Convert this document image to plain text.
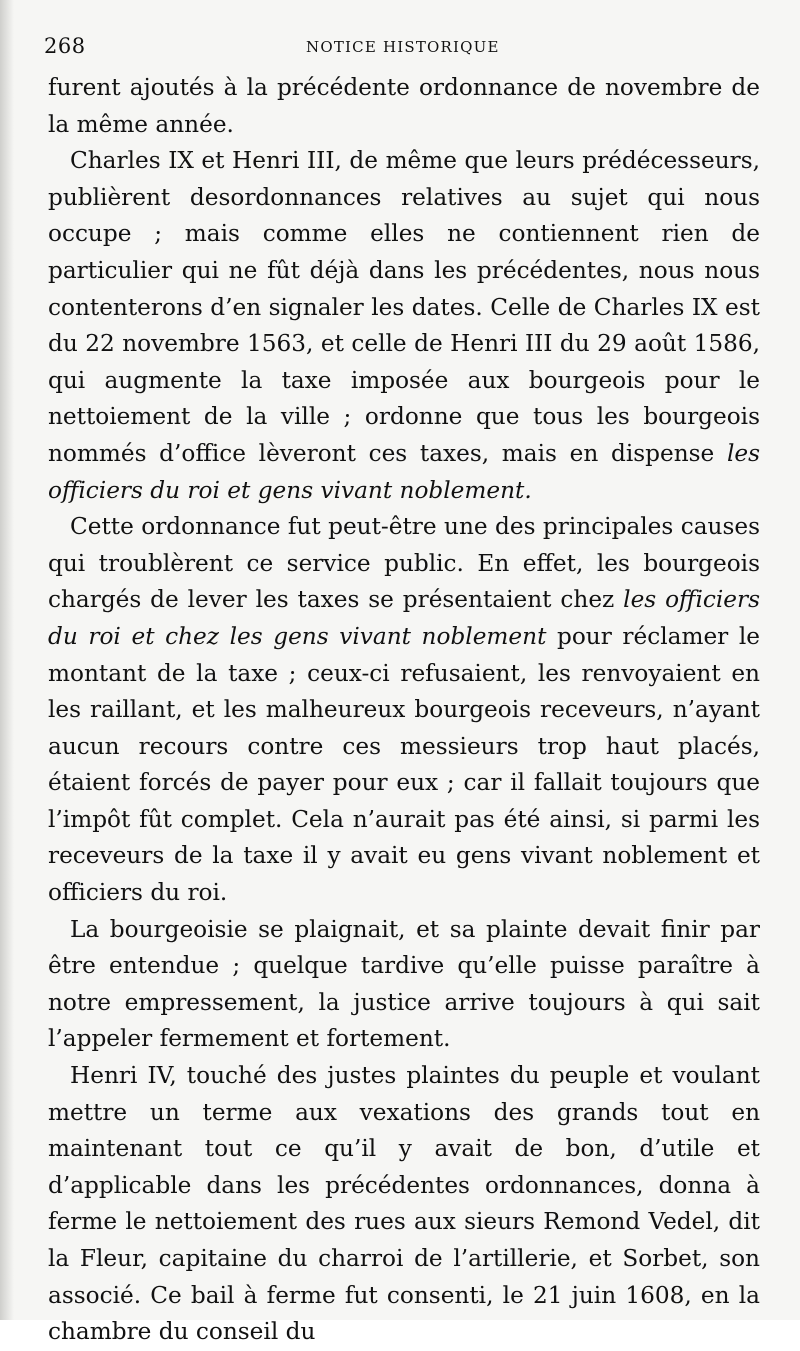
268	NOTICE HISTORIQUE

furent ajoutés à la précédente ordonnance de novembre de la même année.

Charles IX et Henri III, de même que leurs prédécesseurs, publièrent desordonnances relatives au sujet qui nous occupe ; mais comme elles ne contiennent rien de particulier qui ne fût déjà dans les précédentes, nous nous contenterons d’en signaler les dates. Celle de Charles IX est du 22 novembre 1563, et celle de Henri III du 29 août 1586, qui augmente la taxe imposée aux bourgeois pour le nettoiement de la ville ; ordonne que tous les bourgeois nommés d’office lèveront ces taxes, mais en dispense les officiers du roi et gens vivant noblement.

Cette ordonnance fut peut-être une des principales causes qui troublèrent ce service public. En effet, les bourgeois chargés de lever les taxes se présentaient chez les officiers du roi et chez les gens vivant noblement pour réclamer le montant de la taxe ; ceux-ci refusaient, les renvoyaient en les raillant, et les malheureux bourgeois receveurs, n’ayant aucun recours contre ces messieurs trop haut placés, étaient forcés de payer pour eux ; car il fallait toujours que l’impôt fût complet. Cela n’aurait pas été ainsi, si parmi les receveurs de la taxe il y avait eu gens vivant noblement et officiers du roi.

La bourgeoisie se plaignait, et sa plainte devait finir par être entendue ; quelque tardive qu’elle puisse paraître à notre empressement, la justice arrive toujours à qui sait l’appeler fermement et fortement.

Henri IV, touché des justes plaintes du peuple et voulant mettre un terme aux vexations des grands tout en maintenant tout ce qu’il y avait de bon, d’utile et d’applicable dans les précédentes ordonnances, donna à ferme le nettoiement des rues aux sieurs Remond Vedel, dit la Fleur, capitaine du charroi de l’artillerie, et Sorbet, son associé. Ce bail à ferme fut consenti, le 21 juin 1608, en la chambre du conseil du
